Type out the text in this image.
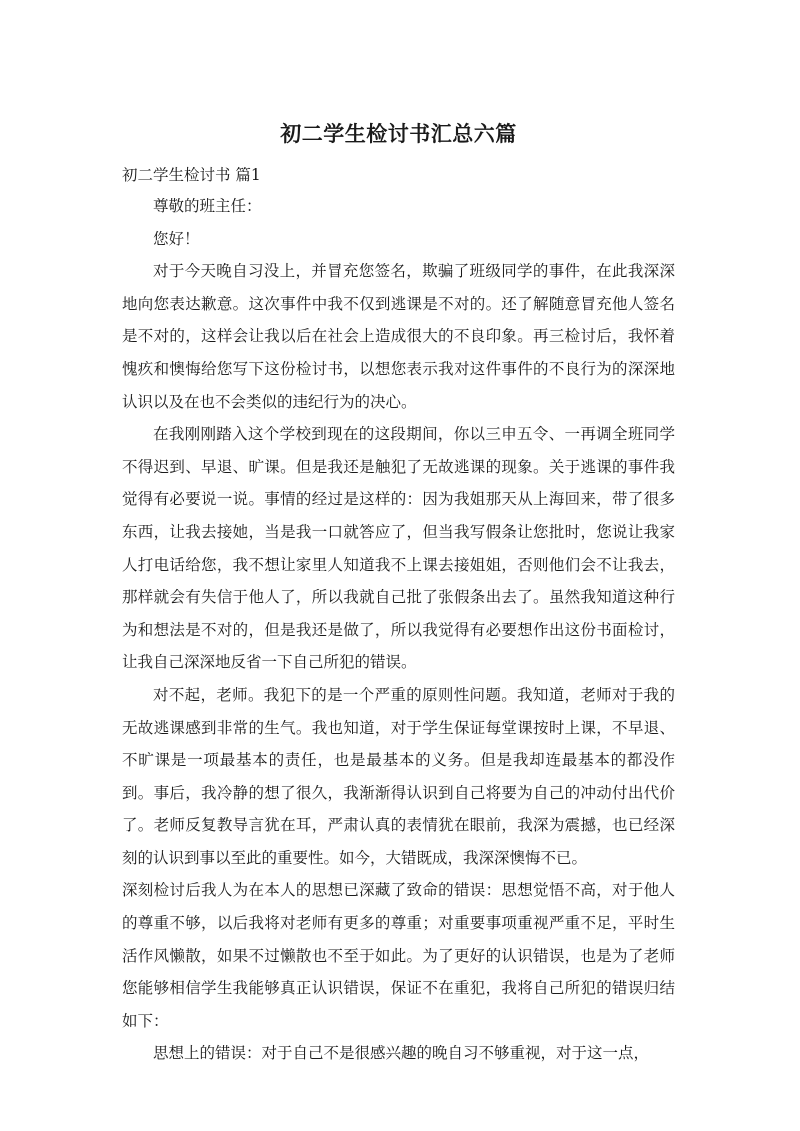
初二学生检讨书汇总六篇

初二学生检讨书 篇1

尊敬的班主任：

您好！

对于今天晚自习没上，并冒充您签名，欺骗了班级同学的事件，在此我深深地向您表达歉意。这次事件中我不仅到逃课是不对的。还了解随意冒充他人签名是不对的，这样会让我以后在社会上造成很大的不良印象。再三检讨后，我怀着愧疚和懊悔给您写下这份检讨书，以想您表示我对这件事件的不良行为的深深地认识以及在也不会类似的违纪行为的决心。

在我刚刚踏入这个学校到现在的这段期间，你以三申五令、一再调全班同学不得迟到、早退、旷课。但是我还是触犯了无故逃课的现象。关于逃课的事件我觉得有必要说一说。事情的经过是这样的：因为我姐那天从上海回来，带了很多东西，让我去接她，当是我一口就答应了，但当我写假条让您批时，您说让我家人打电话给您，我不想让家里人知道我不上课去接姐姐，否则他们会不让我去，那样就会有失信于他人了，所以我就自己批了张假条出去了。虽然我知道这种行为和想法是不对的，但是我还是做了，所以我觉得有必要想作出这份书面检讨，让我自己深深地反省一下自己所犯的错误。

对不起，老师。我犯下的是一个严重的原则性问题。我知道，老师对于我的无故逃课感到非常的生气。我也知道，对于学生保证每堂课按时上课，不早退、不旷课是一项最基本的责任，也是最基本的义务。但是我却连最基本的都没作到。事后，我冷静的想了很久，我渐渐得认识到自己将要为自己的冲动付出代价了。老师反复教导言犹在耳，严肃认真的表情犹在眼前，我深为震撼，也已经深刻的认识到事以至此的重要性。如今，大错既成，我深深懊悔不已。

深刻检讨后我人为在本人的思想已深藏了致命的错误：思想觉悟不高，对于他人的尊重不够，以后我将对老师有更多的尊重；对重要事项重视严重不足，平时生活作风懒散，如果不过懒散也不至于如此。为了更好的认识错误，也是为了老师您能够相信学生我能够真正认识错误，保证不在重犯，我将自己所犯的错误归结如下：

思想上的错误：对于自己不是很感兴趣的晚自习不够重视，对于这一点，
